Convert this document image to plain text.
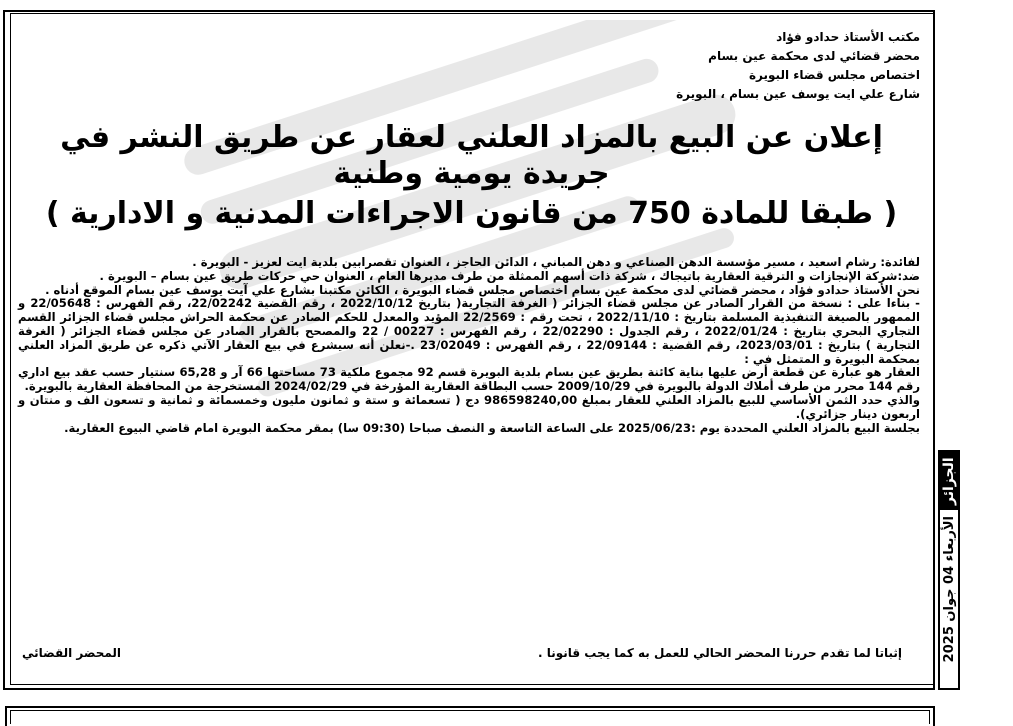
مكتب الأستاذ حدادو فؤاد
محضر قضائي لدى محكمة عين بسام
اختصاص مجلس قضاء البويرة
شارع علي ايت يوسف عين بسام ، البويرة
إعلان عن البيع بالمزاد العلني لعقار عن طريق النشر في جريدة يومية وطنية
( طبقا للمادة 750 من قانون الاجراءات المدنية و الادارية )

لفائدة: رشام اسعيد ، مسير مؤسسة الدهن الصناعي و دهن المباني ، الدائن الحاجز ، العنوان تقصرابين بلدية ايت لعزيز - البويرة .

ضد:شركة الإنجازات و الترقية العقارية باتيجاك ، شركة ذات أسهم الممثلة من طرف مديرها العام ، العنوان حي حركات طريق عين بسام – البويرة .

نحن الأستاذ حدادو فؤاد ، محضر قضائي لدى محكمة عين بسام اختصاص مجلس قضاء البويرة ، الكائن مكتبنا بشارع علي آيت يوسف عين بسام الموقع أدناه .

- بناءا على : نسخة من القرار الصادر عن مجلس قضاء الجزائر ( الغرفة التجارية( بتاريخ 2022/10/12 ، رقم القضية 22/02242، رقم الفهرس : 22/05648 و الممهور بالصيغة التنفيذية المسلمة بتاريخ : 2022/11/10 ، تحت رقم : 22/2569 المؤيد والمعدل للحكم الصادر عن محكمة الحراش مجلس قضاء الجزائر القسم التجاري البحري بتاريخ : 2022/01/24 ، رقم الجدول : 22/02290 ، رقم الفهرس : 00227 / 22 والمصحح بالقرار الصادر عن مجلس قضاء الجزائر ( الغرفة التجارية ) بتاريخ : 2023/03/01، رقم القضية : 22/09144 ، رقم الفهرس : 23/02049 .-نعلن أنه سيشرع في بيع العقار الآتي ذكره عن طريق المزاد العلني بمحكمة البويرة و المتمثل في :

العقار هو عبارة عن قطعة أرض عليها بناية كائنة بطريق عين بسام بلدية البويرة قسم 92 مجموع ملكية 73 مساحتها 66 آر و 65,28 سنتيار حسب عقد بيع اداري رقم 144 محرر من طرف أملاك الدولة بالبويرة في 2009/10/29 حسب البطاقة العقارية المؤرخة في 2024/02/29 المستخرجة من المحافظة العقارية بالبويرة.

والذي حدد الثمن الأساسي للبيع بالمزاد العلني للعقار بمبلغ 986598240,00 دج ( تسعمائة و ستة و ثمانون مليون وخمسمائة و ثمانية و تسعون الف و منتان و اربعون دينار جزائري).

بجلسة البيع بالمزاد العلني المحددة يوم :2025/06/23 على الساعة التاسعة و النصف صباحا (09:30 سا) بمقر محكمة البويرة امام قاضي البيوع العقارية.

إثباتا لما تقدم حررنا المحضر الحالي للعمل به كما يجب قانونا .
المحضر القضائي
الجزائر
الأربعاء 04 جوان 2025
